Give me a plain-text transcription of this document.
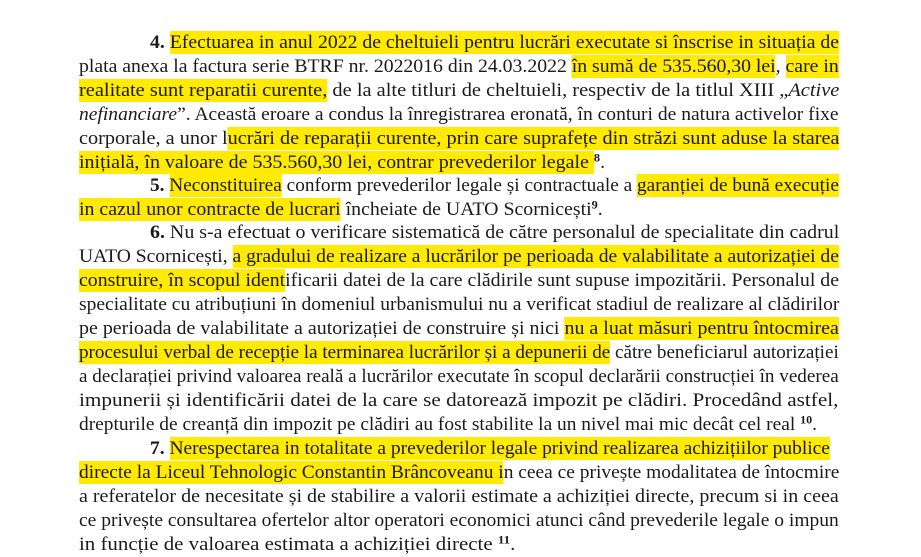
4. Efectuarea in anul 2022 de cheltuieli pentru lucrări executate si înscrise in situația de
plata anexa la factura serie BTRF nr. 2022016 din 24.03.2022 în sumă de 535.560,30 lei, care in
realitate sunt reparatii curente, de la alte titluri de cheltuieli, respectiv de la titlul XIII „Active
nefinanciare”. Această eroare a condus la înregistrarea eronată, în conturi de natura activelor fixe
corporale, a unor lucrări de reparații curente, prin care suprafețe din străzi sunt aduse la starea
inițială, în valoare de 535.560,30 lei, contrar prevederilor legale $^8$.
5. Neconstituirea conform prevederilor legale și contractuale a garanției de bună execuție
in cazul unor contracte de lucrari încheiate de UATO Scornicești$^9$.
6. Nu s-a efectuat o verificare sistematică de către personalul de specialitate din cadrul
UATO Scornicești, a gradului de realizare a lucrărilor pe perioada de valabilitate a autorizației de
construire, în scopul identificarii datei de la care clădirile sunt supuse impozitării. Personalul de
specialitate cu atribuțiuni în domeniul urbanismului nu a verificat stadiul de realizare al clădirilor
pe perioada de valabilitate a autorizației de construire și nici nu a luat măsuri pentru întocmirea
procesului verbal de recepție la terminarea lucrărilor și a depunerii de către beneficiarul autorizației
a declarației privind valoarea reală a lucrărilor executate în scopul declarării construcției în vederea
impunerii și identificării datei de la care se datorează impozit pe clădiri. Procedând astfel,
drepturile de creanță din impozit pe clădiri au fost stabilite la un nivel mai mic decât cel real $^{10}$.
7. Nerespectarea in totalitate a prevederilor legale privind realizarea achizițiilor publice
directe la Liceul Tehnologic Constantin Brâncoveanu in ceea ce privește modalitatea de întocmire
a referatelor de necesitate și de stabilire a valorii estimate a achiziției directe, precum si in ceea
ce privește consultarea ofertelor altor operatori economici atunci când prevederile legale o impun
in funcție de valoarea estimata a achiziției directe $^{11}$.
